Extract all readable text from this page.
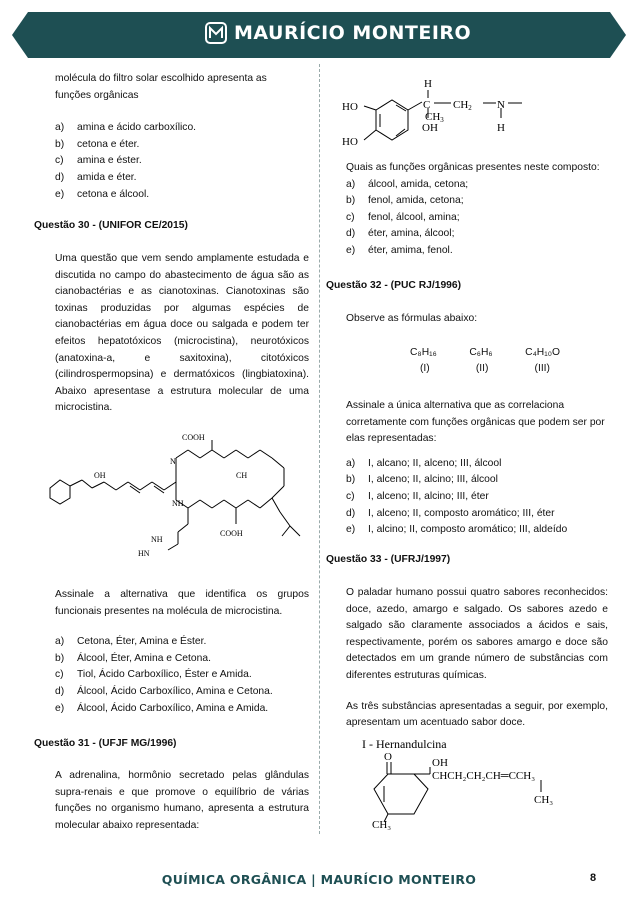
MAURÍCIO MONTEIRO

molécula do filtro solar escolhido apresenta as

funções orgânicas

a)	amina e ácido carboxílico.
b)	cetona e éter.
c)	amina e éster.
d)	amida e éter.
e)	cetona e álcool.

Questão 30 - (UNIFOR CE/2015)

Uma questão que vem sendo amplamente estudada e discutida no campo do abastecimento de água são as cianobactérias e as cianotoxinas. Cianotoxinas são toxinas produzidas por algumas espécies de cianobactérias em água doce ou salgada e podem ter efeitos hepatotóxicos (microcistina), neurotóxicos (anatoxina-a, e saxitoxina), citotóxicos (cilindrospermopsina) e dermatóxicos (lingbiatoxina). Abaixo apresentase a estrutura molecular de uma microcistina.

COOH
OH
COOH
CH
NH
HN
NH
N

Assinale a alternativa que identifica os grupos funcionais presentes na molécula de microcistina.

a)	Cetona, Éter, Amina e Éster.
b)	Álcool, Éter, Amina e Cetona.
c)	Tiol, Ácido Carboxílico, Éster e Amida.
d)	Álcool, Ácido Carboxílico, Amina e Cetona.
e)	Álcool, Ácido Carboxílico, Amina e Amida.

Questão 31 - (UFJF MG/1996)

A adrenalina, hormônio secretado pelas glândulas supra-renais e que promove o equilíbrio de várias funções no organismo humano, apresenta a estrutura molecular abaixo representada:

H
C CH2 N
CH3
OH	H
HO
HO

Quais as funções orgânicas presentes neste composto:

a)	álcool, amida, cetona;
b)	fenol, amida, cetona;
c)	fenol, álcool, amina;
d)	éter, amina, álcool;
e)	éter, amima, fenol.

Questão 32 - (PUC RJ/1996)

Observe as fórmulas abaixo:

C₈H₁₆	C₆H₆	C₄H₁₀O
(I)	(II)	(III)

Assinale a única alternativa que as correlaciona corretamente com funções orgânicas que podem ser por elas representadas:

a)	I, alcano; II, alceno; III, álcool
b)	I, alceno; II, alcino; III, álcool
c)	I, alceno; II, alcino; III, éter
d)	I, alceno; II, composto aromático; III, éter
e)	I, alcino; II, composto aromático; III, aldeído

Questão 33 - (UFRJ/1997)

O paladar humano possui quatro sabores reconhecidos: doce, azedo, amargo e salgado. Os sabores azedo e salgado são claramente associados a ácidos e sais, respectivamente, porém os sabores amargo e doce são detectados em um grande número de substâncias com diferentes estruturas químicas.

As três substâncias apresentadas a seguir, por exemplo, apresentam um acentuado sabor doce.

I - Hernandulcina
O	OH
CHCH₂CH₂CH═CCH₃
CH₃
CH₃
QUÍMICA ORGÂNICA | MAURÍCIO MONTEIRO	8
